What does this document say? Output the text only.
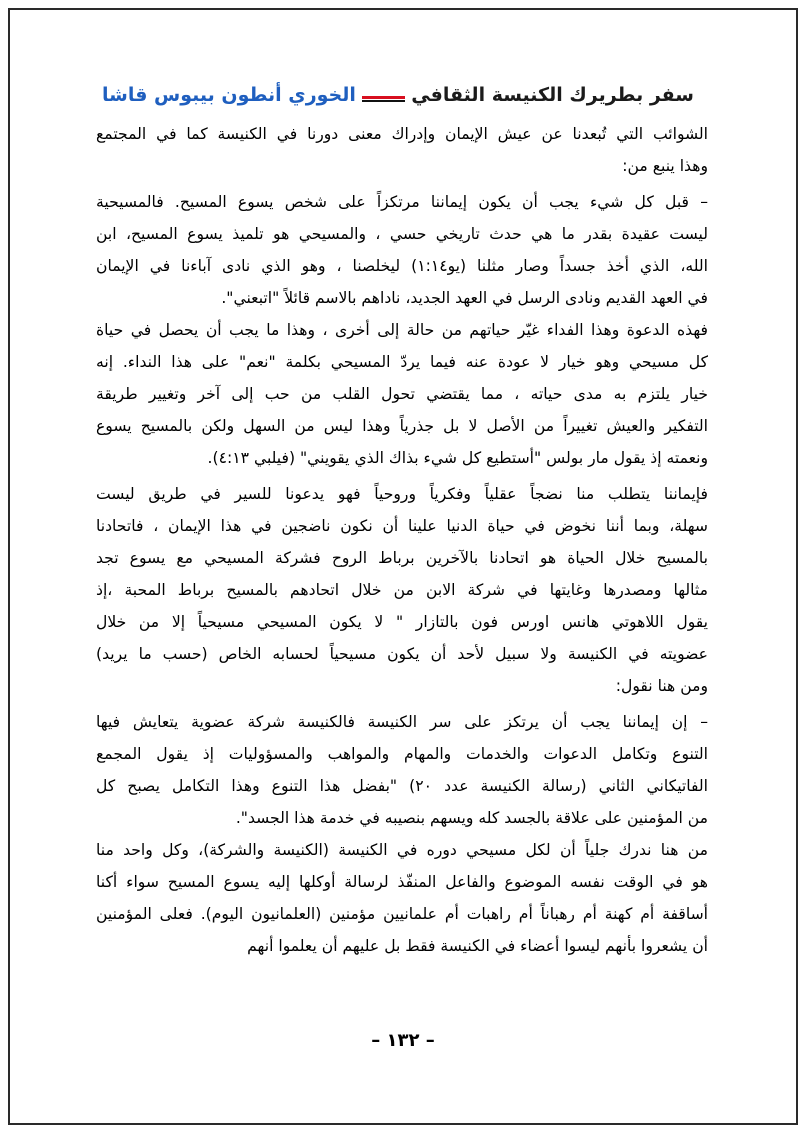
سفر بطريرك الكنيسة الثقافي
الخوري أنطون بيبوس قاشا
الشوائب التي تُبعدنا عن عيش الإيمان وإدراك معنى دورنا في الكنيسة كما في المجتمع
وهذا ينبع من:
– قبل كل شيء يجب أن يكون إيماننا مرتكزاً على شخص يسوع المسيح. فالمسيحية
ليست عقيدة بقدر ما هي حدث تاريخي حسي ، والمسيحي هو تلميذ يسوع المسيح، ابن
الله، الذي أخذ جسداً وصار مثلنا (يو١:١٤) ليخلصنا ، وهو الذي نادى آباءنا في الإيمان
في العهد القديم ونادى الرسل في العهد الجديد، ناداهم بالاسم قائلاً "اتبعني".
فهذه الدعوة وهذا الفداء غيّر حياتهم من حالة إلى أخرى ، وهذا ما يجب أن يحصل في حياة
كل مسيحي وهو خيار لا عودة عنه فيما يردّ المسيحي بكلمة "نعم" على هذا النداء. إنه
خيار يلتزم به مدى حياته ، مما يقتضي تحول القلب من حب إلى آخر وتغيير طريقة
التفكير والعيش تغييراً من الأصل لا بل جذرياً وهذا ليس من السهل ولكن بالمسيح يسوع
ونعمته إذ يقول مار بولس "أستطيع كل شيء بذاك الذي يقويني" (فيلبي ٤:١٣).
فإيماننا يتطلب منا نضجاً عقلياً وفكرياً وروحياً فهو يدعونا للسير في طريق ليست
سهلة، وبما أننا نخوض في حياة الدنيا علينا أن نكون ناضجين في هذا الإيمان ، فاتحادنا
بالمسيح خلال الحياة هو اتحادنا بالآخرين برباط الروح فشركة المسيحي مع يسوع تجد
مثالها ومصدرها وغايتها في شركة الابن من خلال اتحادهم بالمسيح برباط المحبة ،إذ
يقول اللاهوتي هانس اورس فون بالتازار " لا يكون المسيحي مسيحياً إلا من خلال
عضويته في الكنيسة ولا سبيل لأحد أن يكون مسيحياً لحسابه الخاص (حسب ما يريد)
ومن هنا نقول:
– إن إيماننا يجب أن يرتكز على سر الكنيسة فالكنيسة شركة عضوية يتعايش فيها
التنوع وتكامل الدعوات والخدمات والمهام والمواهب والمسؤوليات إذ يقول المجمع
الفاتيكاني الثاني (رسالة الكنيسة عدد ٢٠) "بفضل هذا التنوع وهذا التكامل يصبح كل
من المؤمنين على علاقة بالجسد كله ويسهم بنصيبه في خدمة هذا الجسد".
من هنا ندرك جلياً أن لكل مسيحي دوره في الكنيسة (الكنيسة والشركة)، وكل واحد منا
هو في الوقت نفسه الموضوع والفاعل المنفّذ لرسالة أوكلها إليه يسوع المسيح سواء أكنا
أساقفة أم كهنة أم رهباناً أم راهبات أم علمانيين مؤمنين (العلمانيون اليوم). فعلى المؤمنين
أن يشعروا بأنهم ليسوا أعضاء في الكنيسة فقط بل عليهم أن يعلموا أنهم
– ١٣٢ –
